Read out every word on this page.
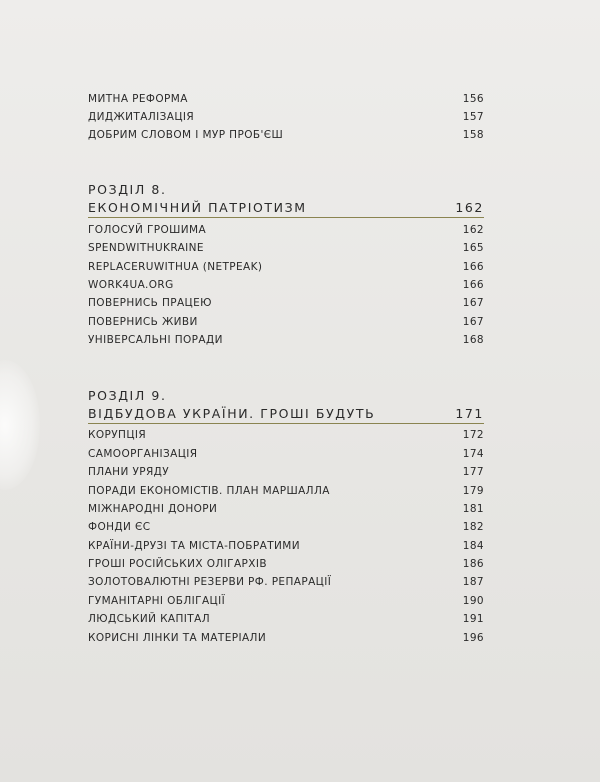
МИТНА РЕФОРМА	156
ДИДЖИТАЛІЗАЦІЯ	157
ДОБРИМ СЛОВОМ І МУР ПРОБ'ЄШ	158
РОЗДІЛ 8.
ЕКОНОМІЧНИЙ ПАТРІОТИЗМ	162
ГОЛОСУЙ ГРОШИМА	162
SPENDWITHUKRAINE	165
REPLACERUWITHUA (NETPEAK)	166
WORK4UA.ORG	166
ПОВЕРНИСЬ ПРАЦЕЮ	167
ПОВЕРНИСЬ ЖИВИ	167
УНІВЕРСАЛЬНІ ПОРАДИ	168
РОЗДІЛ 9.
ВІДБУДОВА УКРАЇНИ. ГРОШІ БУДУТЬ	171
КОРУПЦІЯ	172
САМООРГАНІЗАЦІЯ	174
ПЛАНИ УРЯДУ	177
ПОРАДИ ЕКОНОМІСТІВ. ПЛАН МАРШАЛЛА	179
МІЖНАРОДНІ ДОНОРИ	181
ФОНДИ ЄС	182
КРАЇНИ-ДРУЗІ ТА МІСТА-ПОБРАТИМИ	184
ГРОШІ РОСІЙСЬКИХ ОЛІГАРХІВ	186
ЗОЛОТОВАЛЮТНІ РЕЗЕРВИ РФ. РЕПАРАЦІЇ	187
ГУМАНІТАРНІ ОБЛІГАЦІЇ	190
ЛЮДСЬКИЙ КАПІТАЛ	191
КОРИСНІ ЛІНКИ ТА МАТЕРІАЛИ	196
